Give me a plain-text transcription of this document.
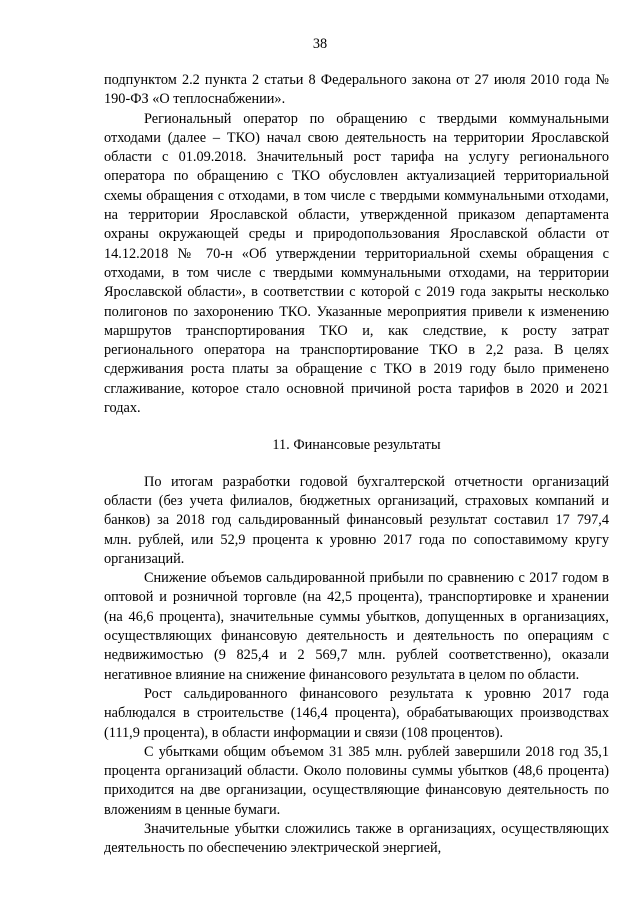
38

подпунктом 2.2 пункта 2 статьи 8 Федерального закона от 27 июля 2010 года № 190-ФЗ «О теплоснабжении».

Региональный оператор по обращению с твердыми коммунальными отходами (далее – ТКО) начал свою деятельность на территории Ярославской области с 01.09.2018. Значительный рост тарифа на услугу регионального оператора по обращению с ТКО обусловлен актуализацией территориальной схемы обращения с отходами, в том числе с твердыми коммунальными отходами, на территории Ярославской области, утвержденной приказом департамента охраны окружающей среды и природопользования Ярославской области от 14.12.2018 № 70-н «Об утверждении территориальной схемы обращения с отходами, в том числе с твердыми коммунальными отходами, на территории Ярославской области», в соответствии с которой с 2019 года закрыты несколько полигонов по захоронению ТКО. Указанные мероприятия привели к изменению маршрутов транспортирования ТКО и, как следствие, к росту затрат регионального оператора на транспортирование ТКО в 2,2 раза. В целях сдерживания роста платы за обращение с ТКО в 2019 году было применено сглаживание, которое стало основной причиной роста тарифов в 2020 и 2021 годах.

11. Финансовые результаты

По итогам разработки годовой бухгалтерской отчетности организаций области (без учета филиалов, бюджетных организаций, страховых компаний и банков) за 2018 год сальдированный финансовый результат составил 17 797,4 млн. рублей, или 52,9 процента к уровню 2017 года по сопоставимому кругу организаций.

Снижение объемов сальдированной прибыли по сравнению с 2017 годом в оптовой и розничной торговле (на 42,5 процента), транспортировке и хранении (на 46,6 процента), значительные суммы убытков, допущенных в организациях, осуществляющих финансовую деятельность и деятельность по операциям с недвижимостью (9 825,4 и 2 569,7 млн. рублей соответственно), оказали негативное влияние на снижение финансового результата в целом по области.

Рост сальдированного финансового результата к уровню 2017 года наблюдался в строительстве (146,4 процента), обрабатывающих производствах (111,9 процента), в области информации и связи (108 процентов).

С убытками общим объемом 31 385 млн. рублей завершили 2018 год 35,1 процента организаций области. Около половины суммы убытков (48,6 процента) приходится на две организации, осуществляющие финансовую деятельность по вложениям в ценные бумаги.

Значительные убытки сложились также в организациях, осуществляющих деятельность по обеспечению электрической энергией,
